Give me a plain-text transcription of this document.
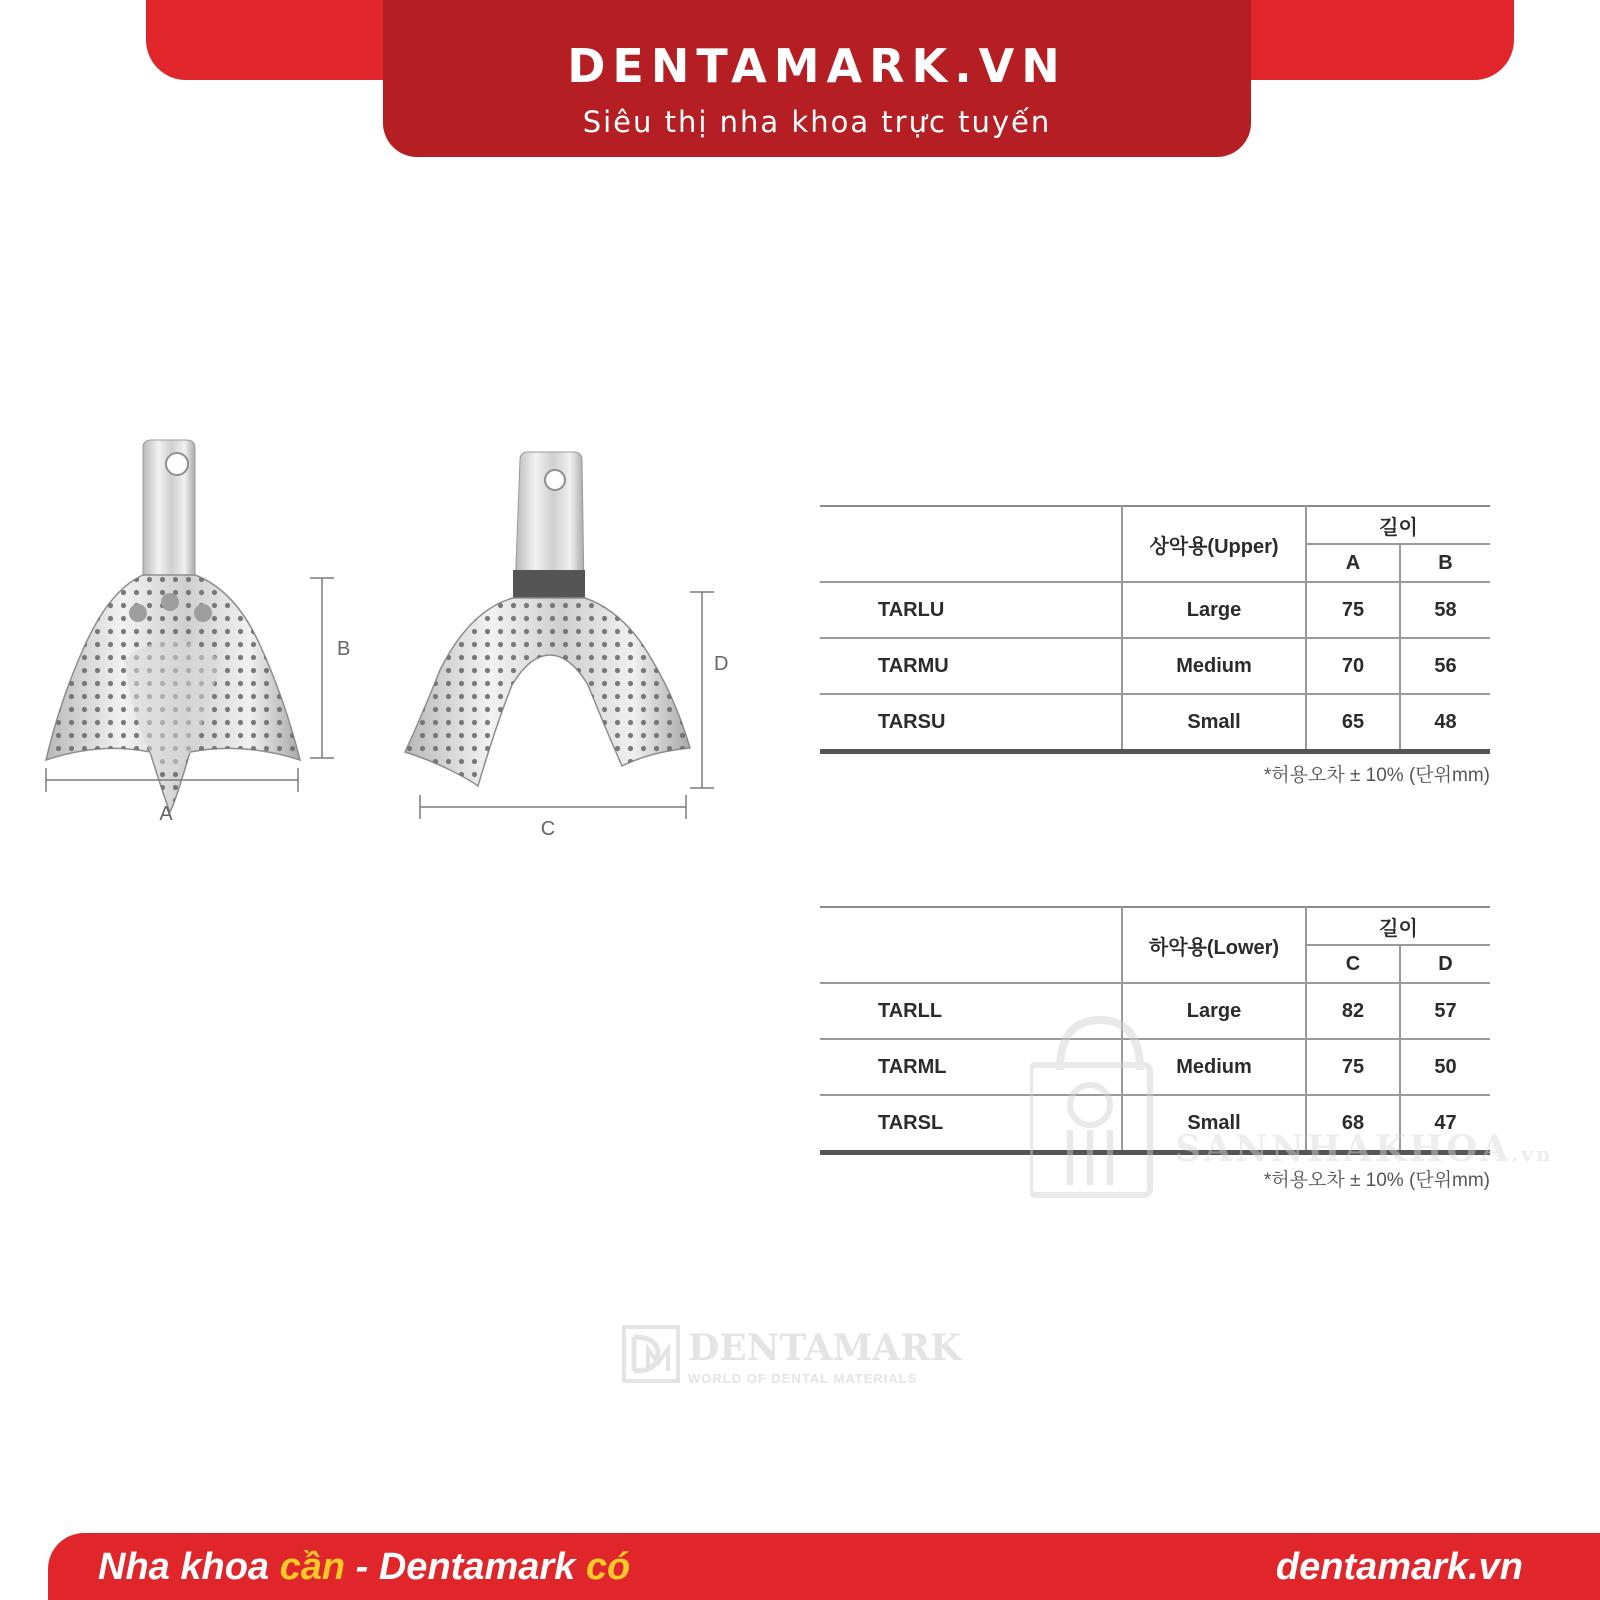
DENTAMARK.VN
Siêu thị nha khoa trực tuyến
A
B
C
D
	상악용(Upper)	길이	
		A	B
TARLU	Large	75	58
TARMU	Medium	70	56
TARSU	Small	65	48
*허용오차 ± 10% (단위mm)
	하악용(Lower)	길이	
		C	D
TARLL	Large	82	57
TARML	Medium	75	50
TARSL	Small	68	47
*허용오차 ± 10% (단위mm)
SANNHAKHOA.vn
DENTAMARK
WORLD OF DENTAL MATERIALS
Nha khoa cần - Dentamark có	dentamark.vn
